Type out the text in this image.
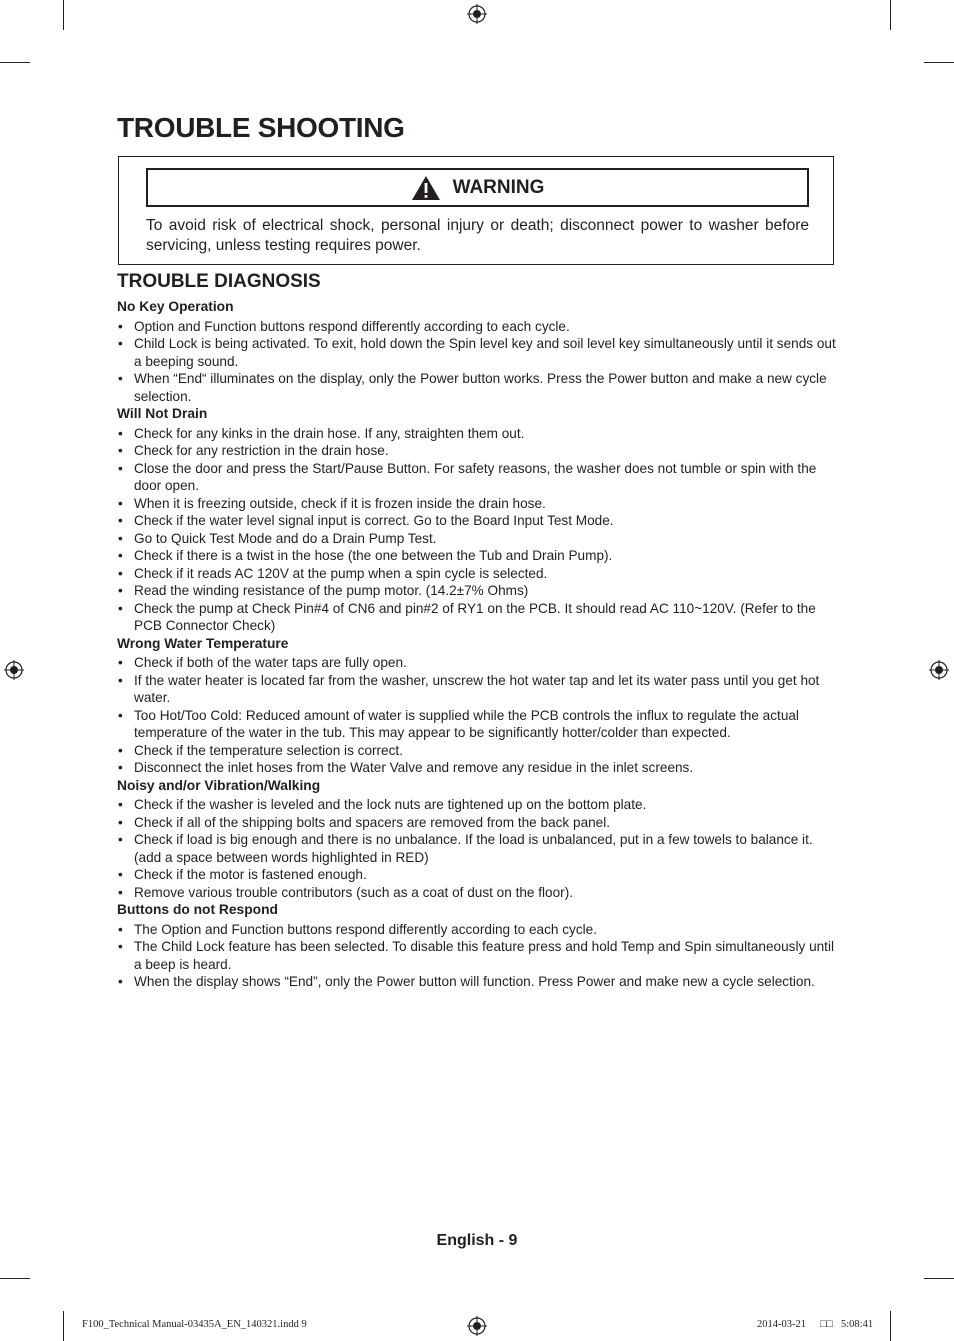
TROUBLE SHOOTING
WARNING
To avoid risk of electrical shock, personal injury or death; disconnect power to washer before servicing, unless testing requires power.
TROUBLE DIAGNOSIS
No Key Operation
• Option and Function buttons respond differently according to each cycle.
• Child Lock is being activated. To exit, hold down the Spin level key and soil level key simultaneously until it sends out a beeping sound.
• When “End“ illuminates on the display, only the Power button works. Press the Power button and make a new cycle selection.
Will Not Drain
• Check for any kinks in the drain hose. If any, straighten them out.
• Check for any restriction in the drain hose.
• Close the door and press the Start/Pause Button. For safety reasons, the washer does not tumble or spin with the door open.
• When it is freezing outside, check if it is frozen inside the drain hose.
• Check if the water level signal input is correct. Go to the Board Input Test Mode.
• Go to Quick Test Mode and do a Drain Pump Test.
• Check if there is a twist in the hose (the one between the Tub and Drain Pump).
• Check if it reads AC 120V at the pump when a spin cycle is selected.
• Read the winding resistance of the pump motor. (14.2±7% Ohms)
• Check the pump at Check Pin#4 of CN6 and pin#2 of RY1 on the PCB. It should read AC 110~120V. (Refer to the PCB Connector Check)
Wrong Water Temperature
• Check if both of the water taps are fully open.
• If the water heater is located far from the washer, unscrew the hot water tap and let its water pass until you get hot water.
• Too Hot/Too Cold: Reduced amount of water is supplied while the PCB controls the influx to regulate the actual temperature of the water in the tub. This may appear to be significantly hotter/colder than expected.
• Check if the temperature selection is correct.
• Disconnect the inlet hoses from the Water Valve and remove any residue in the inlet screens.
Noisy and/or Vibration/Walking
• Check if the washer is leveled and the lock nuts are tightened up on the bottom plate.
• Check if all of the shipping bolts and spacers are removed from the back panel.
• Check if load is big enough and there is no unbalance. If the load is unbalanced, put in a few towels to balance it. (add a space between words highlighted in RED)
• Check if the motor is fastened enough.
• Remove various trouble contributors (such as a coat of dust on the floor).
Buttons do not Respond
• The Option and Function buttons respond differently according to each cycle.
• The Child Lock feature has been selected. To disable this feature press and hold Temp and Spin simultaneously until a beep is heard.
• When the display shows “End”, only the Power button will function. Press Power and make new a cycle selection.
English - 9
F100_Technical Manual-03435A_EN_140321.indd 9	2014-03-21 □□ 5:08:41
